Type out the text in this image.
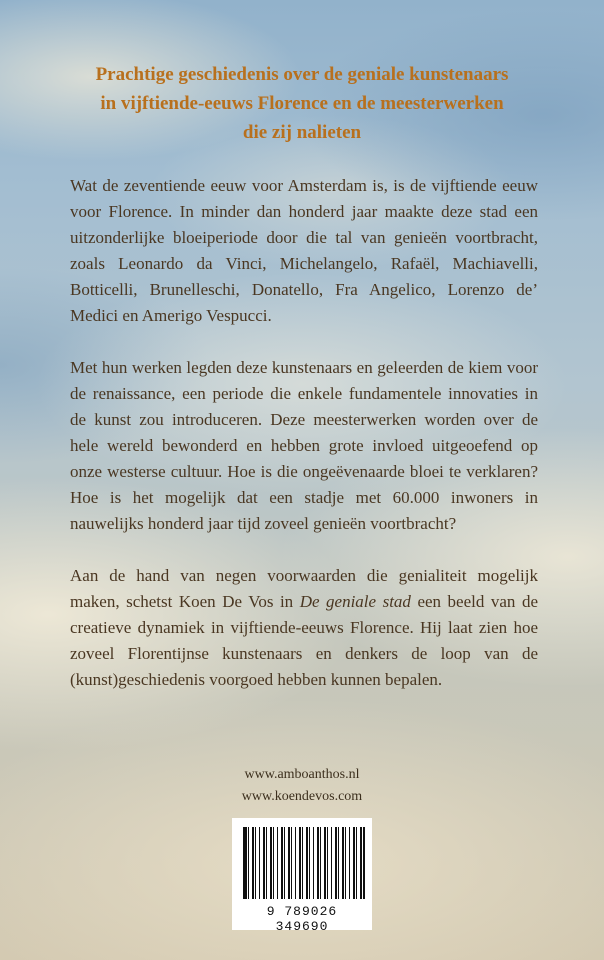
Prachtige geschiedenis over de geniale kunstenaars
in vijftiende-eeuws Florence en de meesterwerken
die zij nalieten

Wat de zeventiende eeuw voor Amsterdam is, is de vijftiende eeuw voor Florence. In minder dan honderd jaar maakte deze stad een uitzonderlijke bloeiperiode door die tal van genieën voortbracht, zoals Leonardo da Vinci, Michelangelo, Rafaël, Machiavelli, Botticelli, Brunelleschi, Donatello, Fra Angelico, Lorenzo de’ Medici en Amerigo Vespucci.

Met hun werken legden deze kunstenaars en geleerden de kiem voor de renaissance, een periode die enkele fundamentele innovaties in de kunst zou introduceren. Deze meesterwerken worden over de hele wereld bewonderd en hebben grote invloed uitgeoefend op onze westerse cultuur. Hoe is die ongeëvenaarde bloei te verklaren? Hoe is het mogelijk dat een stadje met 60.000 inwoners in nauwelijks honderd jaar tijd zoveel genieën voortbracht?

Aan de hand van negen voorwaarden die genialiteit mogelijk maken, schetst Koen De Vos in De geniale stad een beeld van de creatieve dynamiek in vijftiende-eeuws Florence. Hij laat zien hoe zoveel Florentijnse kunstenaars en denkers de loop van de (kunst)geschiedenis voorgoed hebben kunnen bepalen.

www.amboanthos.nl
www.koendevos.com
9 789026 349690
